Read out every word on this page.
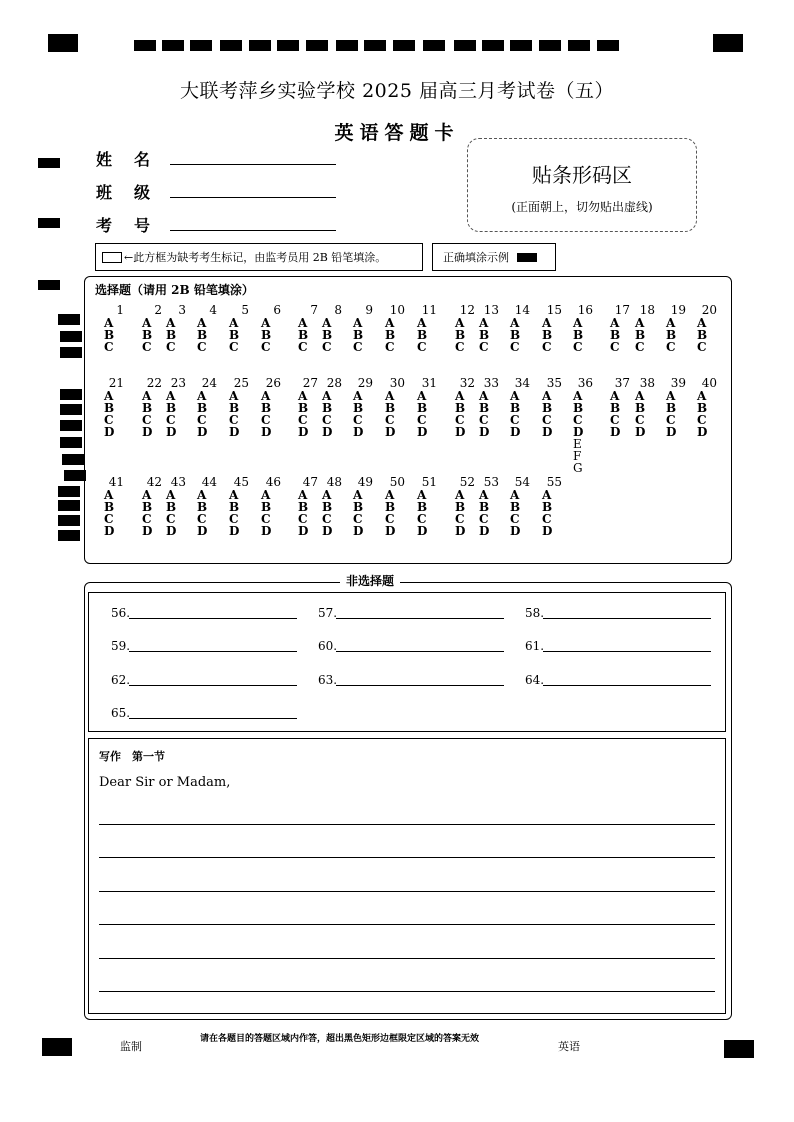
大联考萍乡实验学校 2025 届高三月考试卷（五）
英语答题卡
姓名
班级
考号
贴条形码区
(正面朝上，切勿贴出虚线)
←此方框为缺考考生标记，由监考员用 2B 铅笔填涂。	正确填涂示例
选择题（请用 2B 铅笔填涂）
1
A
B
C
2
A
B
C
3
A
B
C
4
A
B
C
5
A
B
C
6
A
B
C
7
A
B
C
8
A
B
C
9
A
B
C
10
A
B
C
11
A
B
C
12
A
B
C
13
A
B
C
14
A
B
C
15
A
B
C
16
A
B
C
17
A
B
C
18
A
B
C
19
A
B
C
20
A
B
C
21
A
B
C
D
22
A
B
C
D
23
A
B
C
D
24
A
B
C
D
25
A
B
C
D
26
A
B
C
D
27
A
B
C
D
28
A
B
C
D
29
A
B
C
D
30
A
B
C
D
31
A
B
C
D
32
A
B
C
D
33
A
B
C
D
34
A
B
C
D
35
A
B
C
D
36
A
B
C
D
E
F
G
37
A
B
C
D
38
A
B
C
D
39
A
B
C
D
40
A
B
C
D
41
A
B
C
D
42
A
B
C
D
43
A
B
C
D
44
A
B
C
D
45
A
B
C
D
46
A
B
C
D
47
A
B
C
D
48
A
B
C
D
49
A
B
C
D
50
A
B
C
D
51
A
B
C
D
52
A
B
C
D
53
A
B
C
D
54
A
B
C
D
55
A
B
C
D
非选择题
56.	57.	58.
59.	60.	61.
62.	63.	64.
65.
写作　第一节
Dear Sir or Madam,
监制
请在各题目的答题区域内作答，超出黑色矩形边框限定区域的答案无效
英语
